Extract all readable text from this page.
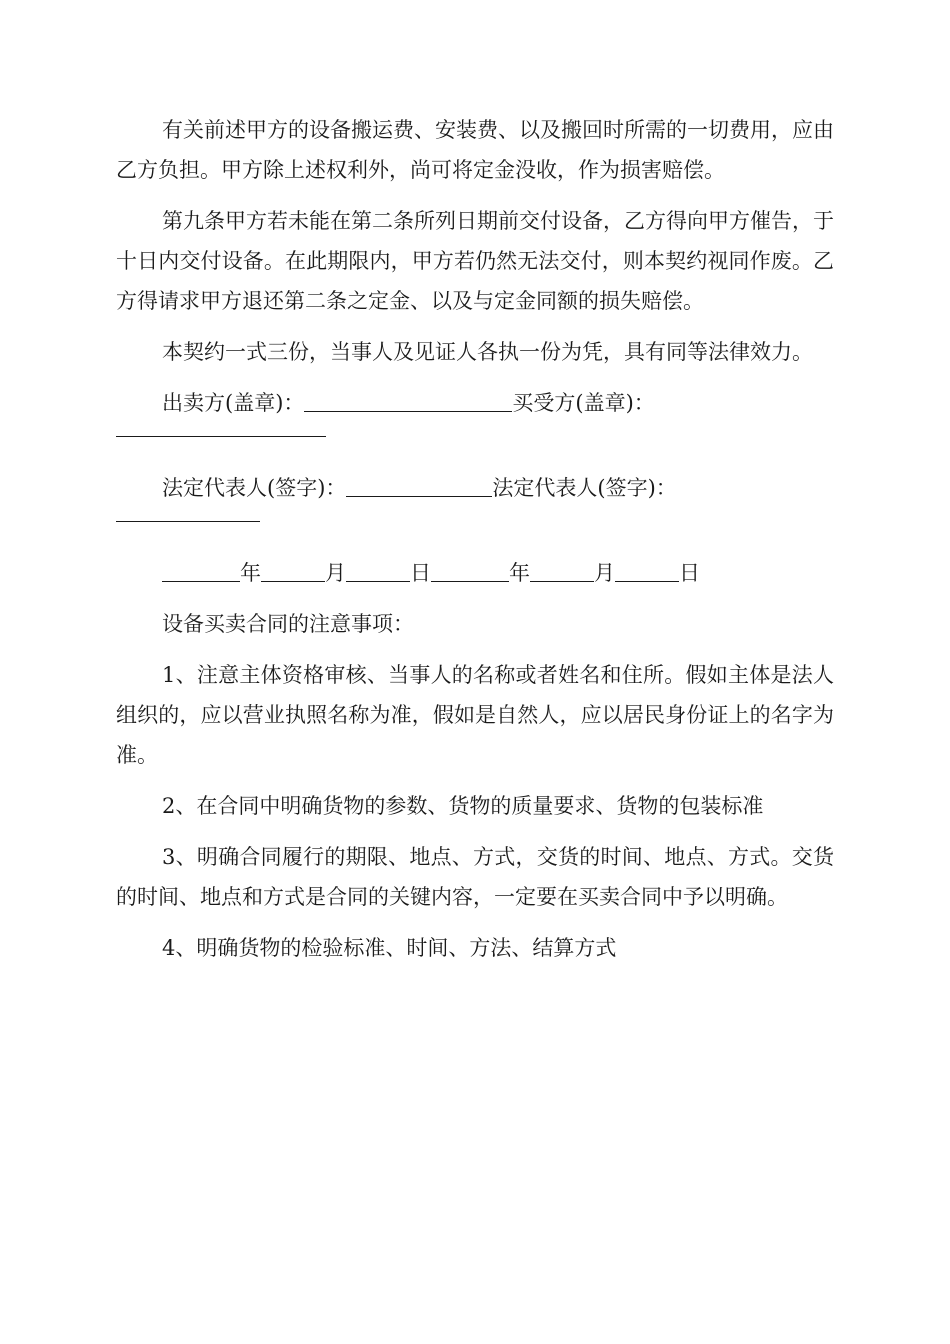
有关前述甲方的设备搬运费、安装费、以及搬回时所需的一切费用，应由乙方负担。甲方除上述权利外，尚可将定金没收，作为损害赔偿。

第九条甲方若未能在第二条所列日期前交付设备，乙方得向甲方催告，于十日内交付设备。在此期限内，甲方若仍然无法交付，则本契约视同作废。乙方得请求甲方退还第二条之定金、以及与定金同额的损失赔偿。

本契约一式三份，当事人及见证人各执一份为凭，具有同等法律效力。

出卖方(盖章)：	买受方(盖章)：
法定代表人(签字)：	法定代表人(签字)：
年	月	日	年	月	日

设备买卖合同的注意事项：

1、注意主体资格审核、当事人的名称或者姓名和住所。假如主体是法人组织的，应以营业执照名称为准，假如是自然人，应以居民身份证上的名字为准。

2、在合同中明确货物的参数、货物的质量要求、货物的包装标准

3、明确合同履行的期限、地点、方式，交货的时间、地点、方式。交货的时间、地点和方式是合同的关键内容，一定要在买卖合同中予以明确。

4、明确货物的检验标准、时间、方法、结算方式
